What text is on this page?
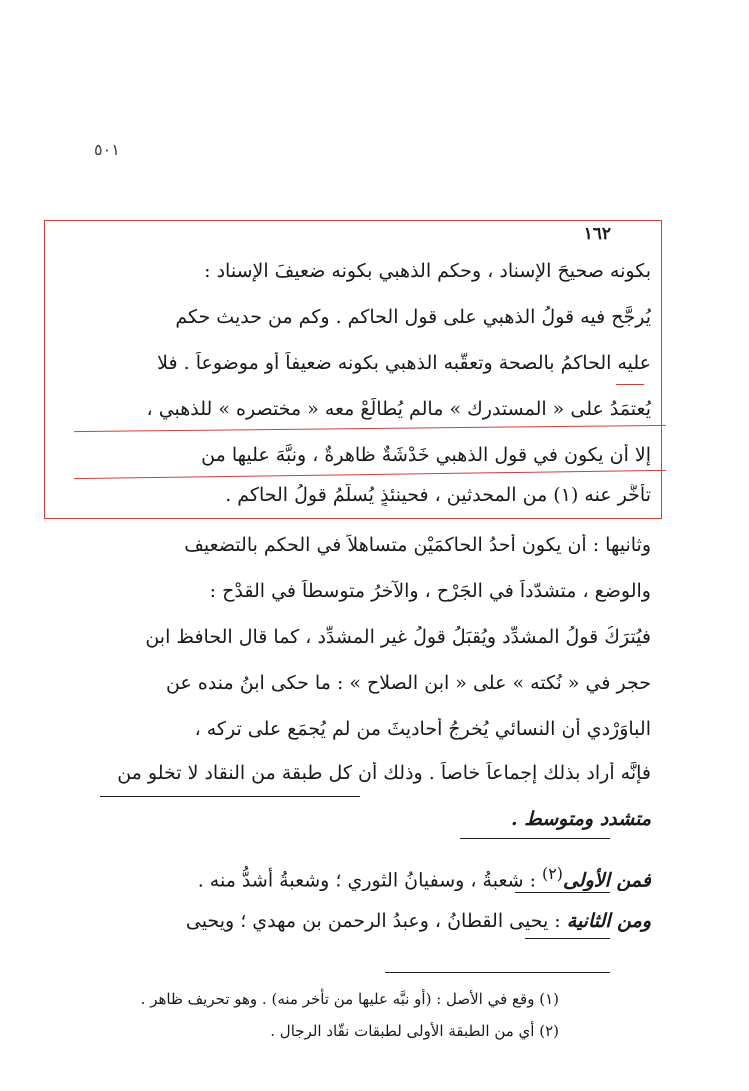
٥٠١
١٦٢
بكونه صحيحَ الإسناد ، وحكم الذهبي بكونه ضعيفَ الإسناد :
يُرجَّح فيه قولُ الذهبي على قول الحاكم . وكم من حديث حكم
عليه الحاكمُ بالصحة وتعقَّبه الذهبي بكونه ضعيفاً أو موضوعاً . فلا
يُعتمَدُ على « المستدرك » مالم يُطالَعْ معه « مختصره » للذهبي ،
إلا أن يكون في قول الذهبي خَدْشَةٌ ظاهرةٌ ، ونبَّهَ عليها من
تأخَّر عنه (١) من المحدثين ، فحينئذٍ يُسلَّمُ قولُ الحاكم .
وثانيها : أن يكون أحدُ الحاكمَيْن متساهلاً في الحكم بالتضعيف
والوضع ، متشدّداً في الجَرْح ، والآخرُ متوسطاً في القدْح :
فيُترَكُ قولُ المشدِّد ويُقبَلُ قولُ غير المشدِّد ، كما قال الحافظ ابن
حجر في « نُكته » على « ابن الصلاح » : ما حكى ابنُ منده عن
الباوَرْدي أن النسائي يُخرِجُ أحاديثَ من لم يُجمَع على تركه ،
فإنَّه أراد بذلك إجماعاً خاصاً . وذلك أن كل طبقة من النقاد لا تخلو من
متشدد ومتوسط .
فمن الأولى$^{(٢)}$ : شعبةُ ، وسفيانُ الثوري ؛ وشعبةُ أشدُّ منه .
ومن الثانية : يحيى القطانُ ، وعبدُ الرحمن بن مهدي ؛ ويحيى
(١) وقع في الأصل : (أو نبَّه عليها من تأخر منه) . وهو تحريف ظاهر .
(٢) أي من الطبقة الأولى لطبقات نقّاد الرجال .
